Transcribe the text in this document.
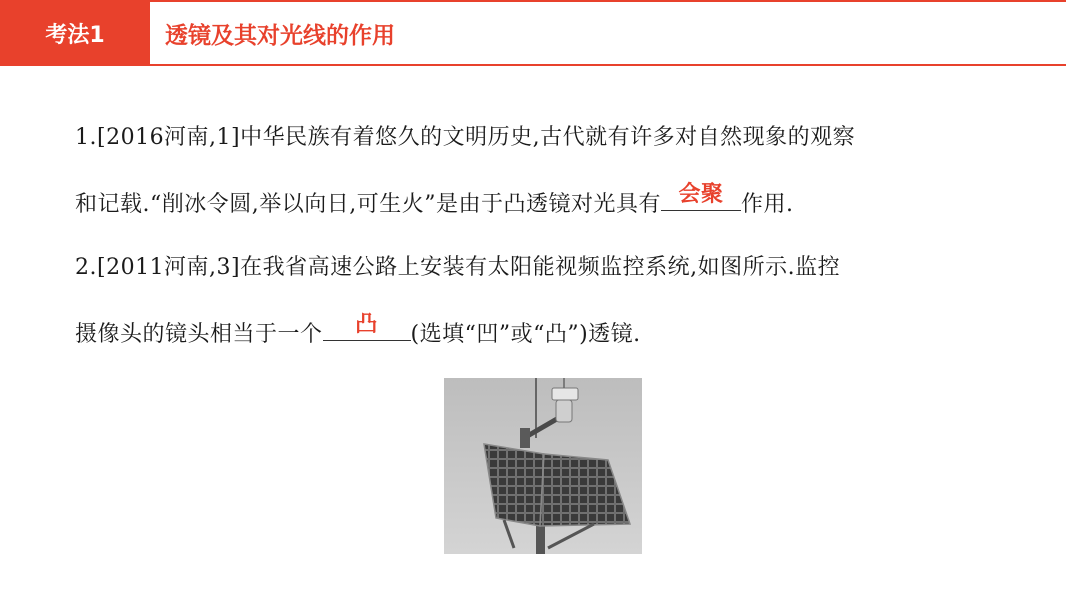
考法1	透镜及其对光线的作用
1.[2016河南,1]中华民族有着悠久的文明历史,古代就有许多对自然现象的观察
和记载.“削冰令圆,举以向日,可生火”是由于凸透镜对光具有 会聚 作用.
2.[2011河南,3]在我省高速公路上安装有太阳能视频监控系统,如图所示.监控
摄像头的镜头相当于一个	凸	(选填“凹”或“凸”)透镜.
